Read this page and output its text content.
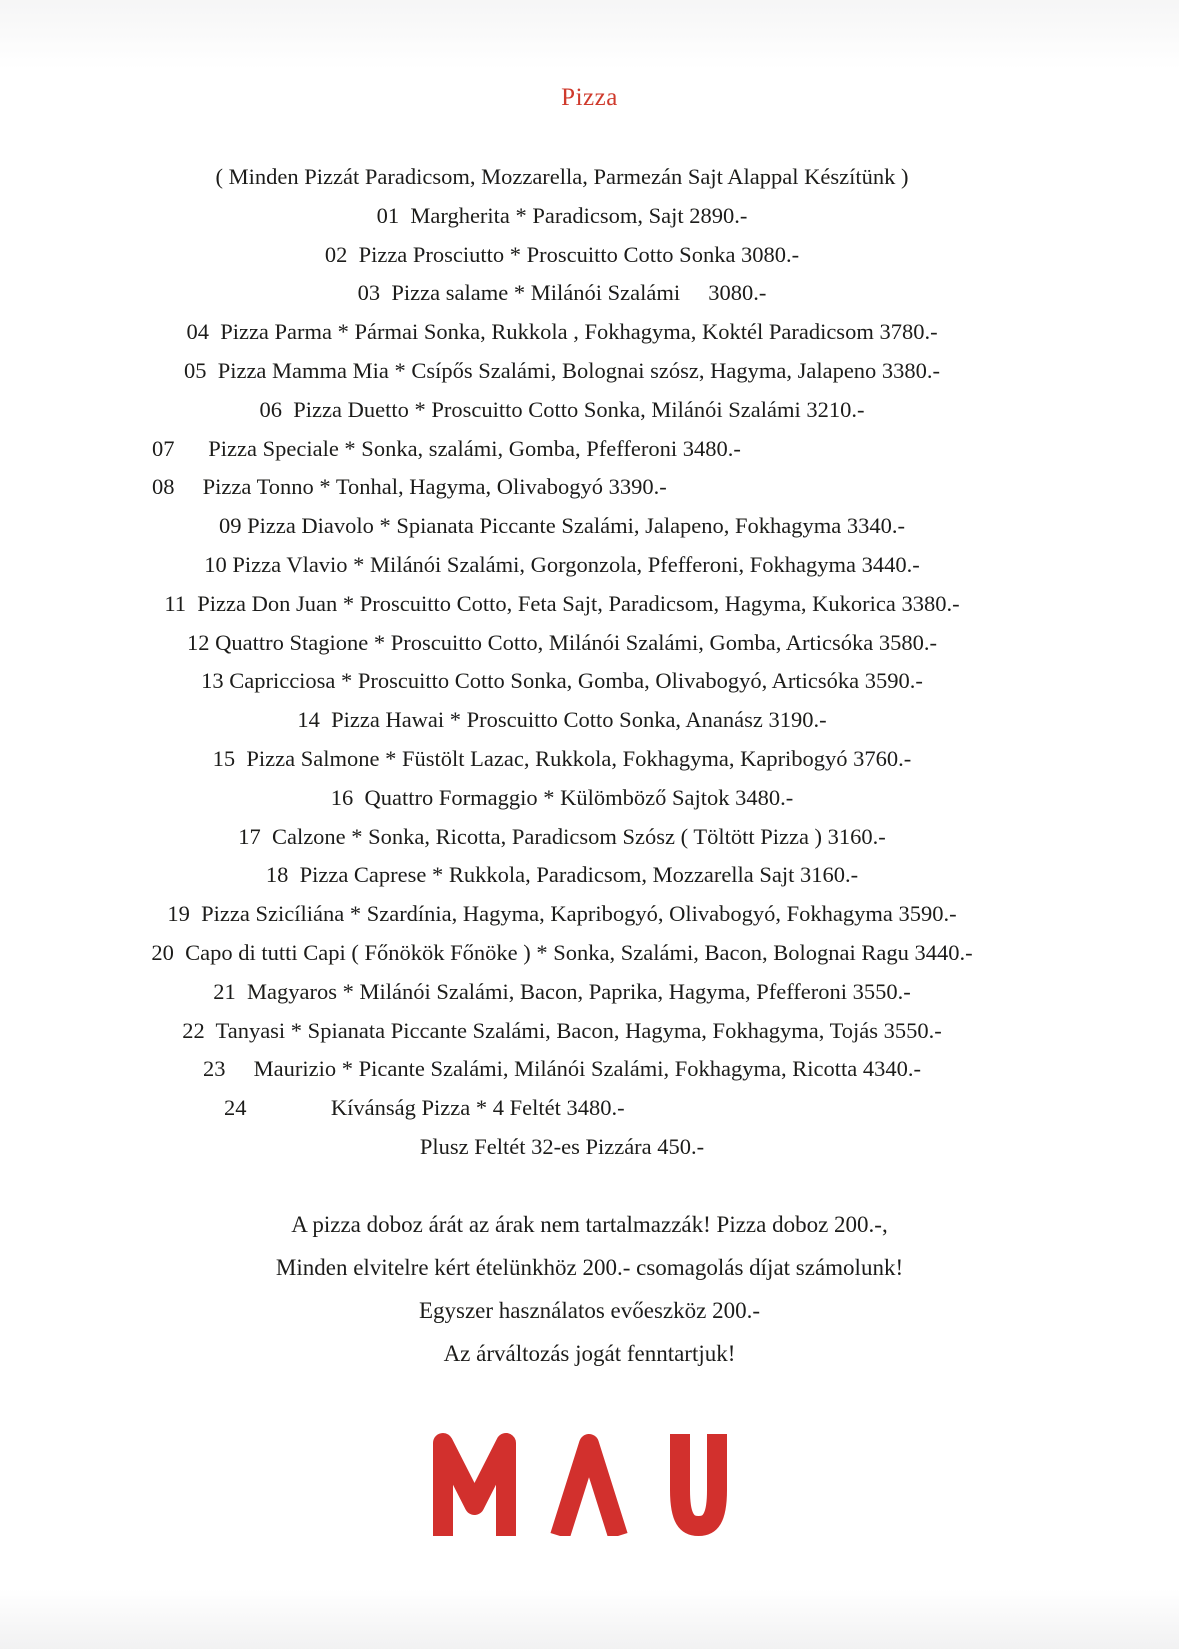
Pizza
( Minden Pizzát Paradicsom, Mozzarella, Parmezán Sajt Alappal Készítünk )
01  Margherita * Paradicsom, Sajt 2890.-
02  Pizza Prosciutto * Proscuitto Cotto Sonka 3080.-
03  Pizza salame * Milánói Szalámi     3080.-
04  Pizza Parma * Pármai Sonka, Rukkola , Fokhagyma, Koktél Paradicsom 3780.-
05  Pizza Mamma Mia * Csípős Szalámi, Bolognai szósz, Hagyma, Jalapeno 3380.-
06  Pizza Duetto * Proscuitto Cotto Sonka, Milánói Szalámi 3210.-
07      Pizza Speciale * Sonka, szalámi, Gomba, Pfefferoni 3480.-
08     Pizza Tonno * Tonhal, Hagyma, Olivabogyó 3390.-
09 Pizza Diavolo * Spianata Piccante Szalámi, Jalapeno, Fokhagyma 3340.-
10 Pizza Vlavio * Milánói Szalámi, Gorgonzola, Pfefferoni, Fokhagyma 3440.-
11  Pizza Don Juan * Proscuitto Cotto, Feta Sajt, Paradicsom, Hagyma, Kukorica 3380.-
12 Quattro Stagione * Proscuitto Cotto, Milánói Szalámi, Gomba, Articsóka 3580.-
13 Capricciosa * Proscuitto Cotto Sonka, Gomba, Olivabogyó, Articsóka 3590.-
14  Pizza Hawai * Proscuitto Cotto Sonka, Ananász 3190.-
15  Pizza Salmone * Füstölt Lazac, Rukkola, Fokhagyma, Kapribogyó 3760.-
16  Quattro Formaggio * Külömböző Sajtok 3480.-
17  Calzone * Sonka, Ricotta, Paradicsom Szósz ( Töltött Pizza ) 3160.-
18  Pizza Caprese * Rukkola, Paradicsom, Mozzarella Sajt 3160.-
19  Pizza Szicíliána * Szardínia, Hagyma, Kapribogyó, Olivabogyó, Fokhagyma 3590.-
20  Capo di tutti Capi ( Főnökök Főnöke ) * Sonka, Szalámi, Bacon, Bolognai Ragu 3440.-
21  Magyaros * Milánói Szalámi, Bacon, Paprika, Hagyma, Pfefferoni 3550.-
22  Tanyasi * Spianata Piccante Szalámi, Bacon, Hagyma, Fokhagyma, Tojás 3550.-
23     Maurizio * Picante Szalámi, Milánói Szalámi, Fokhagyma, Ricotta 4340.-
24               Kívánság Pizza * 4 Feltét 3480.-
Plusz Feltét 32-es Pizzára 450.-
A pizza doboz árát az árak nem tartalmazzák! Pizza doboz 200.-,
Minden elvitelre kért ételünkhöz 200.- csomagolás díjat számolunk!
Egyszer használatos evőeszköz 200.-
Az árváltozás jogát fenntartjuk!
